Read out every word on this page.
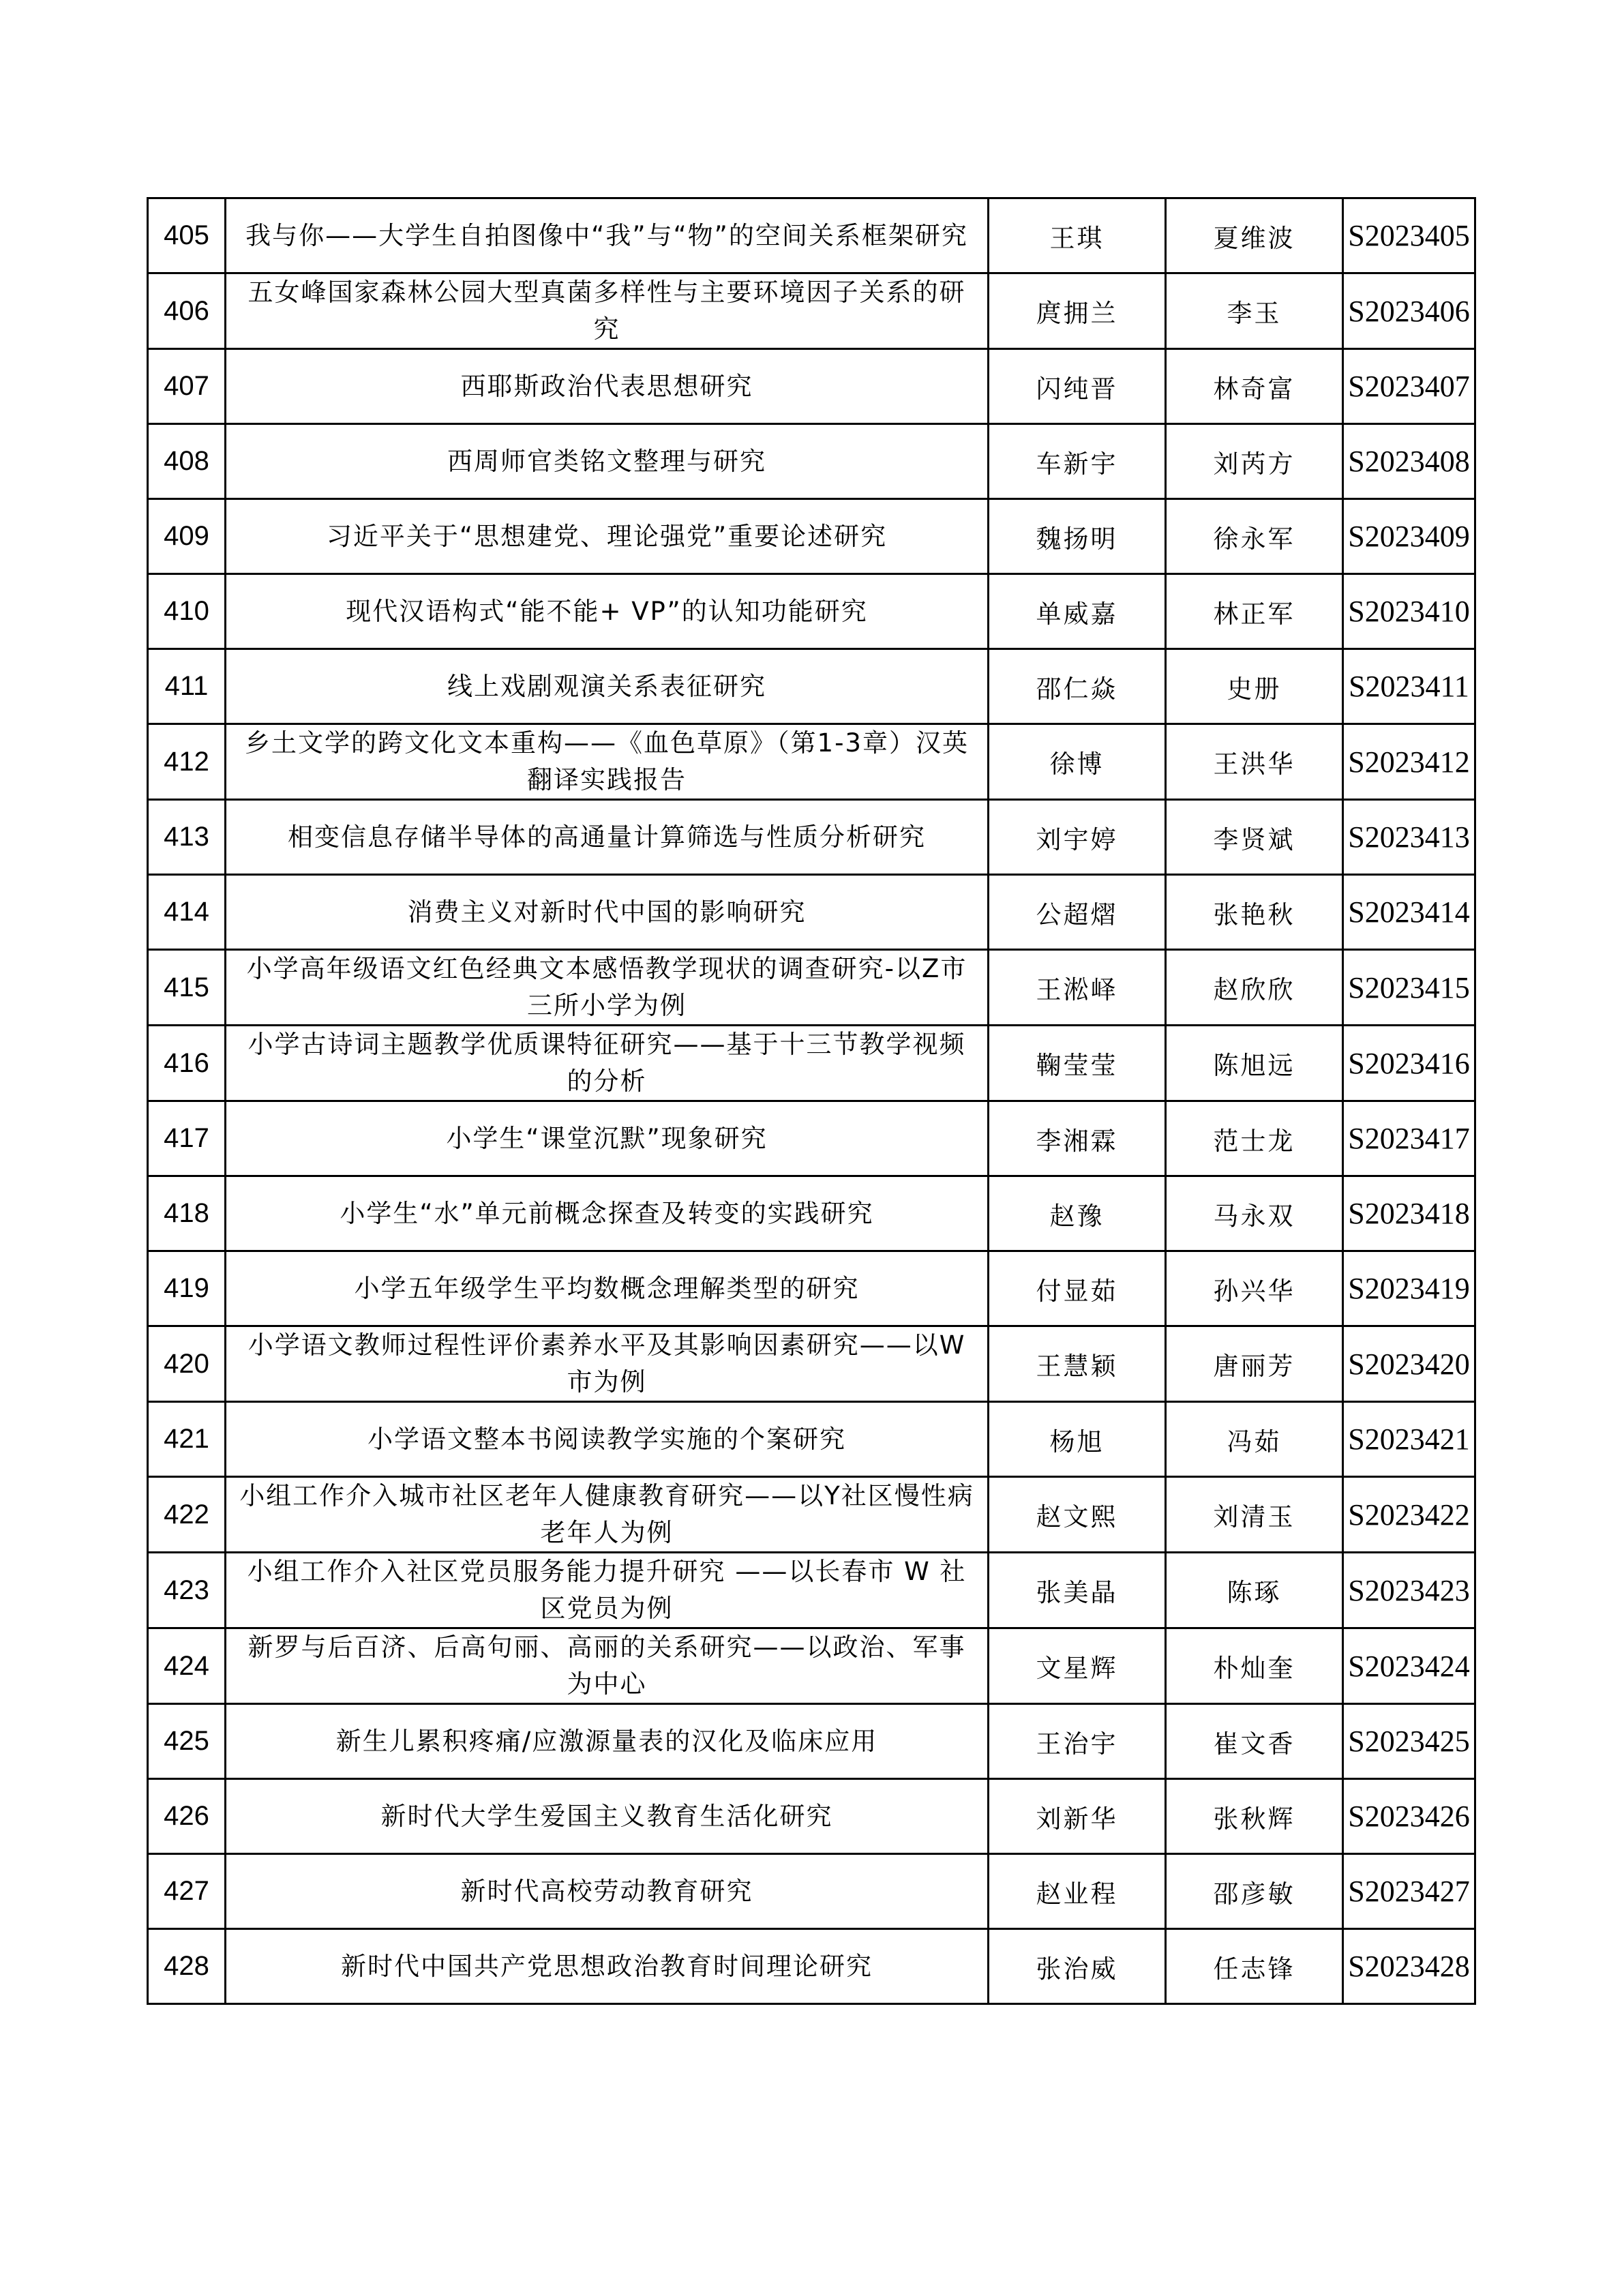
405	我与你——大学生自拍图像中“我”与“物”的空间关系框架研究	王琪	夏维波	S2023405
406	五女峰国家森林公园大型真菌多样性与主要环境因子关系的研究	庹拥兰	李玉	S2023406
407	西耶斯政治代表思想研究	闪纯晋	林奇富	S2023407
408	西周师官类铭文整理与研究	车新宇	刘芮方	S2023408
409	习近平关于“思想建党、理论强党”重要论述研究	魏扬明	徐永军	S2023409
410	现代汉语构式“能不能+ VP”的认知功能研究	单威嘉	林正军	S2023410
411	线上戏剧观演关系表征研究	邵仁焱	史册	S2023411
412	乡土文学的跨文化文本重构——《血色草原》（第1-3章）汉英翻译实践报告	徐博	王洪华	S2023412
413	相变信息存储半导体的高通量计算筛选与性质分析研究	刘宇婷	李贤斌	S2023413
414	消费主义对新时代中国的影响研究	公超熠	张艳秋	S2023414
415	小学高年级语文红色经典文本感悟教学现状的调查研究-以Z市三所小学为例	王淞峄	赵欣欣	S2023415
416	小学古诗词主题教学优质课特征研究——基于十三节教学视频的分析	鞠莹莹	陈旭远	S2023416
417	小学生“课堂沉默”现象研究	李湘霖	范士龙	S2023417
418	小学生“水”单元前概念探查及转变的实践研究	赵豫	马永双	S2023418
419	小学五年级学生平均数概念理解类型的研究	付显茹	孙兴华	S2023419
420	小学语文教师过程性评价素养水平及其影响因素研究——以W市为例	王慧颖	唐丽芳	S2023420
421	小学语文整本书阅读教学实施的个案研究	杨旭	冯茹	S2023421
422	小组工作介入城市社区老年人健康教育研究——以Y社区慢性病老年人为例	赵文熙	刘清玉	S2023422
423	小组工作介入社区党员服务能力提升研究 ——以长春市 W 社区党员为例	张美晶	陈琢	S2023423
424	新罗与后百济、后高句丽、高丽的关系研究——以政治、军事为中心	文星辉	朴灿奎	S2023424
425	新生儿累积疼痛/应激源量表的汉化及临床应用	王治宇	崔文香	S2023425
426	新时代大学生爱国主义教育生活化研究	刘新华	张秋辉	S2023426
427	新时代高校劳动教育研究	赵业程	邵彦敏	S2023427
428	新时代中国共产党思想政治教育时间理论研究	张治威	任志锋	S2023428
